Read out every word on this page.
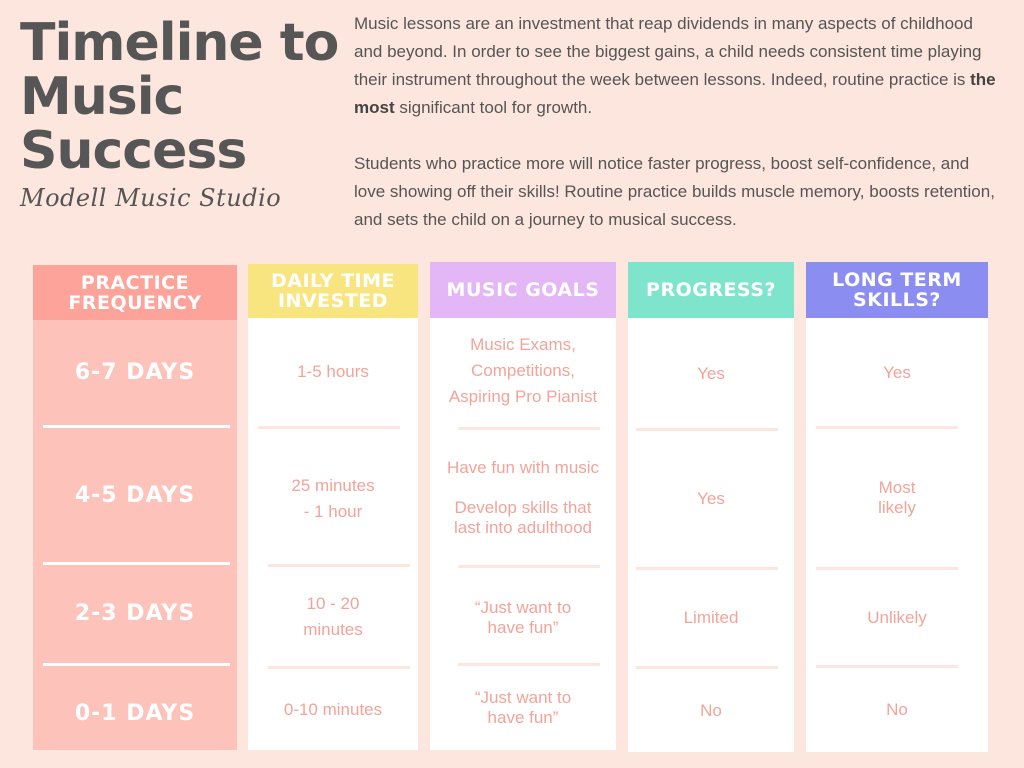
Timeline to
Music
Success
Modell Music Studio

Music lessons are an investment that reap dividends in many aspects of childhood and beyond. In order to see the biggest gains, a child needs consistent time playing their instrument throughout the week between lessons. Indeed, routine practice is the most significant tool for growth.

Students who practice more will notice faster progress, boost self-confidence, and love showing off their skills! Routine practice builds muscle memory, boosts retention, and sets the child on a journey to musical success.

PRACTICE FREQUENCY
6-7 DAYS
4-5 DAYS
2-3 DAYS
0-1 DAYS
DAILY TIME INVESTED
1-5 hours
25 minutes
- 1 hour
10 - 20
minutes
0-10 minutes
MUSIC GOALS
Music Exams,
Competitions,
Aspiring Pro Pianist
Have fun with music
Develop skills that
last into adulthood
“Just want to
have fun”
“Just want to
have fun”
PROGRESS?
Yes
Yes
Limited
No
LONG TERM SKILLS?
Yes
Most
likely
Unlikely
No
